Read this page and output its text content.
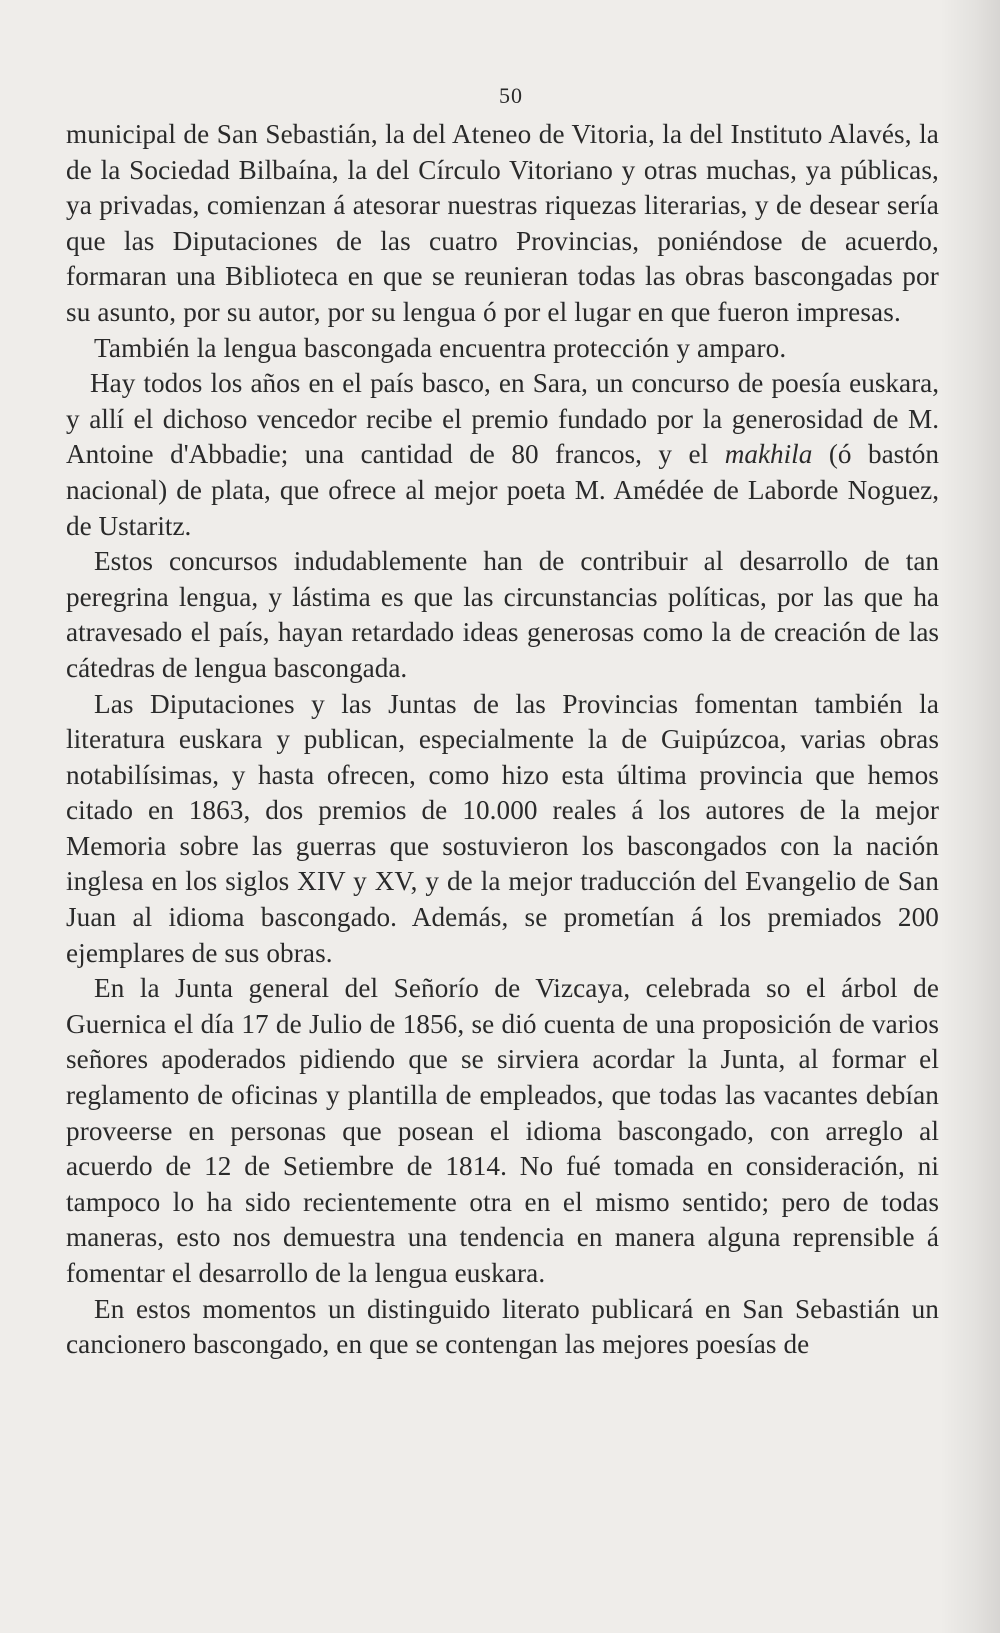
50

municipal de San Sebastián, la del Ateneo de Vitoria, la del Instituto Alavés, la de la Sociedad Bilbaína, la del Círculo Vitoriano y otras muchas, ya públicas, ya privadas, comienzan á atesorar nuestras riquezas literarias, y de desear sería que las Diputaciones de las cuatro Provincias, poniéndose de acuerdo, formaran una Biblioteca en que se reunieran todas las obras bascongadas por su asunto, por su autor, por su lengua ó por el lugar en que fueron impresas.

También la lengua bascongada encuentra protección y amparo.

Hay todos los años en el país basco, en Sara, un concurso de poesía euskara, y allí el dichoso vencedor recibe el premio fundado por la generosidad de M. Antoine d'Abbadie; una cantidad de 80 francos, y el makhila (ó bastón nacional) de plata, que ofrece al mejor poeta M. Amédée de Laborde Noguez, de Ustaritz.

Estos concursos indudablemente han de contribuir al desarrollo de tan peregrina lengua, y lástima es que las circunstancias políticas, por las que ha atravesado el país, hayan retardado ideas generosas como la de creación de las cátedras de lengua bascongada.

Las Diputaciones y las Juntas de las Provincias fomentan también la literatura euskara y publican, especialmente la de Guipúzcoa, varias obras notabilísimas, y hasta ofrecen, como hizo esta última provincia que hemos citado en 1863, dos premios de 10.000 reales á los autores de la mejor Memoria sobre las guerras que sostuvieron los bascongados con la nación inglesa en los siglos XIV y XV, y de la mejor traducción del Evangelio de San Juan al idioma bascongado. Además, se prometían á los premiados 200 ejemplares de sus obras.

En la Junta general del Señorío de Vizcaya, celebrada so el árbol de Guernica el día 17 de Julio de 1856, se dió cuenta de una proposición de varios señores apoderados pidiendo que se sirviera acordar la Junta, al formar el reglamento de oficinas y plantilla de empleados, que todas las vacantes debían proveerse en personas que posean el idioma bascongado, con arreglo al acuerdo de 12 de Setiembre de 1814. No fué tomada en consideración, ni tampoco lo ha sido recientemente otra en el mismo sentido; pero de todas maneras, esto nos demuestra una tendencia en manera alguna reprensible á fomentar el desarrollo de la lengua euskara.

En estos momentos un distinguido literato publicará en San Sebastián un cancionero bascongado, en que se contengan las mejores poesías de
